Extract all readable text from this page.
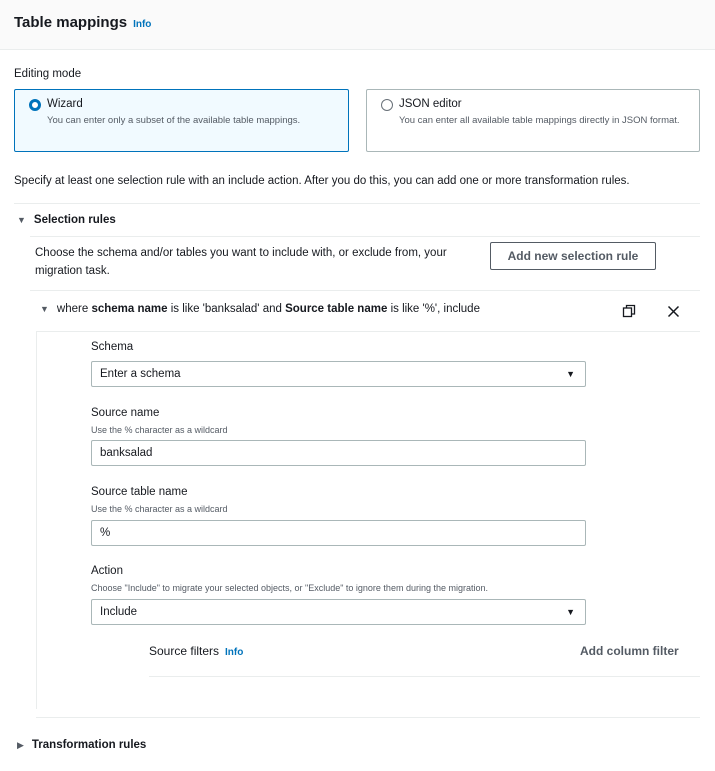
Table mappings Info
Editing mode
Wizard
You can enter only a subset of the available table mappings.
JSON editor
You can enter all available table mappings directly in JSON format.
Specify at least one selection rule with an include action. After you do this, you can add one or more transformation rules.
▼ Selection rules
Choose the schema and/or tables you want to include with, or exclude from, your migration task.
Add new selection rule
▼ where schema name is like 'banksalad' and Source table name is like '%', include
Schema
Enter a schema	▼
Source name
Use the % character as a wildcard
banksalad
Source table name
Use the % character as a wildcard
%
Action
Choose "Include" to migrate your selected objects, or "Exclude" to ignore them during the migration.
Include	▼
Source filters Info	Add column filter
▶ Transformation rules
